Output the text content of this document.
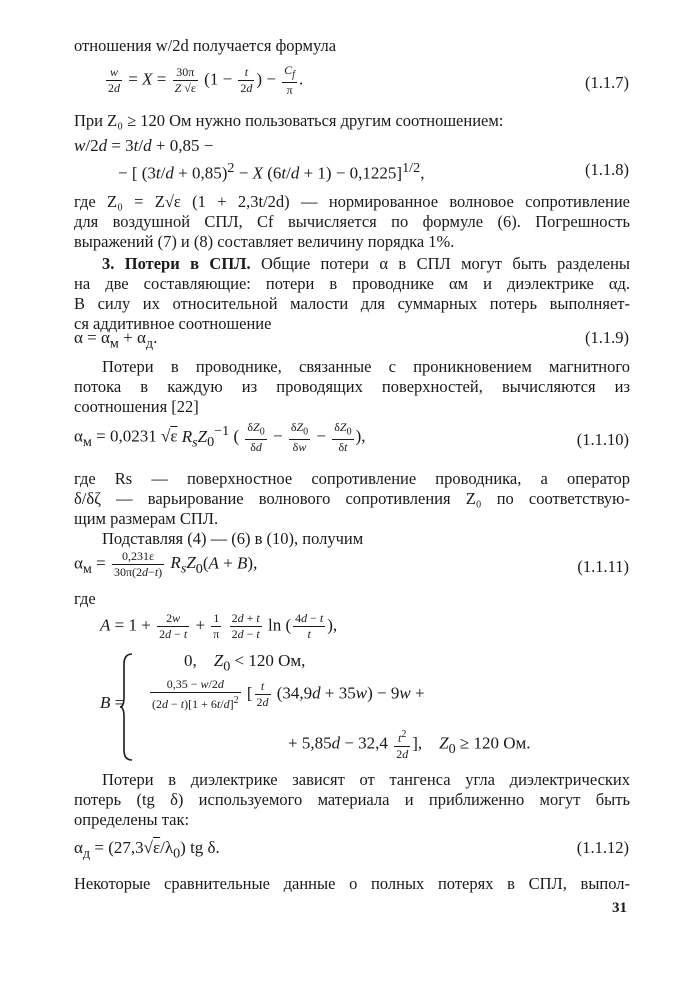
отношения w/2d получается формула
$\frac{w}{2d} = X = \frac{30\pi}{Z √\varepsilon} (1 - \frac{t}{2d}$ ) − $\frac{C_f}{\pi}$ .	(1.1.7)
При Z₀ ≥ 120 Ом нужно пользоваться другим соотношением:
w/2d = 3t/d + 0,85 −
− [ $(3t/d + 0,85)^2 - X$ (6t/d + 1) − 0,1225]$^{1/2}$,	(1.1.8)
где Z₀ = Z√ε (1 + 2,3t/2d) — нормированное волновое сопротивление
для воздушной СПЛ, Cf вычисляется по формуле (6). Погрешность
выражений (7) и (8) составляет величину порядка 1%.
3. Потери в СПЛ. Общие потери α в СПЛ могут быть разделены
на две составляющие: потери в проводнике αм и диэлектрике αд.
В силу их относительной малости для суммарных потерь выполняет-
ся аддитивное соотношение
$\alpha = \alpha_м + \alpha_д$.	(1.1.9)
Потери в проводнике, связанные с проникновением магнитного
потока в каждую из проводящих поверхностей, вычисляются из
соотношения [22]
$\alpha_м = 0,0231$ √ε $R_sZ_0^{-1}$ ( $\frac{\delta Z_0}{\delta d} - \frac{\delta Z_0}{\delta w} - \frac{\delta Z_0}{\delta t}$ ),	(1.1.10)
где Rs — поверхностное сопротивление проводника, а оператор
δ/δζ — варьирование волнового сопротивления Z₀ по соответствую-
щим размерам СПЛ.
Подставляя (4) — (6) в (10), получим
$\alpha_м = \frac{0,231\varepsilon}{30\pi(2d-t)} R_sZ_0(A + B)$,	(1.1.11)
где
$A = 1 + \frac{2w}{2d - t} + \frac{1}{\pi}$
$\frac{2d + t}{2d - t}$ ln ( $\frac{4d - t}{t}$ ),
B =
0,    $Z_0 < 120$ Ом,
$\frac{0,35 - w/2d}{(2d - t)[1 + 6t/d]^2}$ [ $\frac{t}{2d} (34,9d + 35w) - 9w$ +
+ $5,85d - 32,4 \frac{t^2}{2d}$ ],    $Z_0 \ge 120$ Ом.
Потери в диэлектрике зависят от тангенса угла диэлектрических
потерь (tg δ) используемого материала и приближенно могут быть
определены так:
$\alpha_д = (27,3√\varepsilon/\lambda_0)$ tg δ.	(1.1.12)
Некоторые сравнительные данные о полных потерях в СПЛ, выпол-
31
